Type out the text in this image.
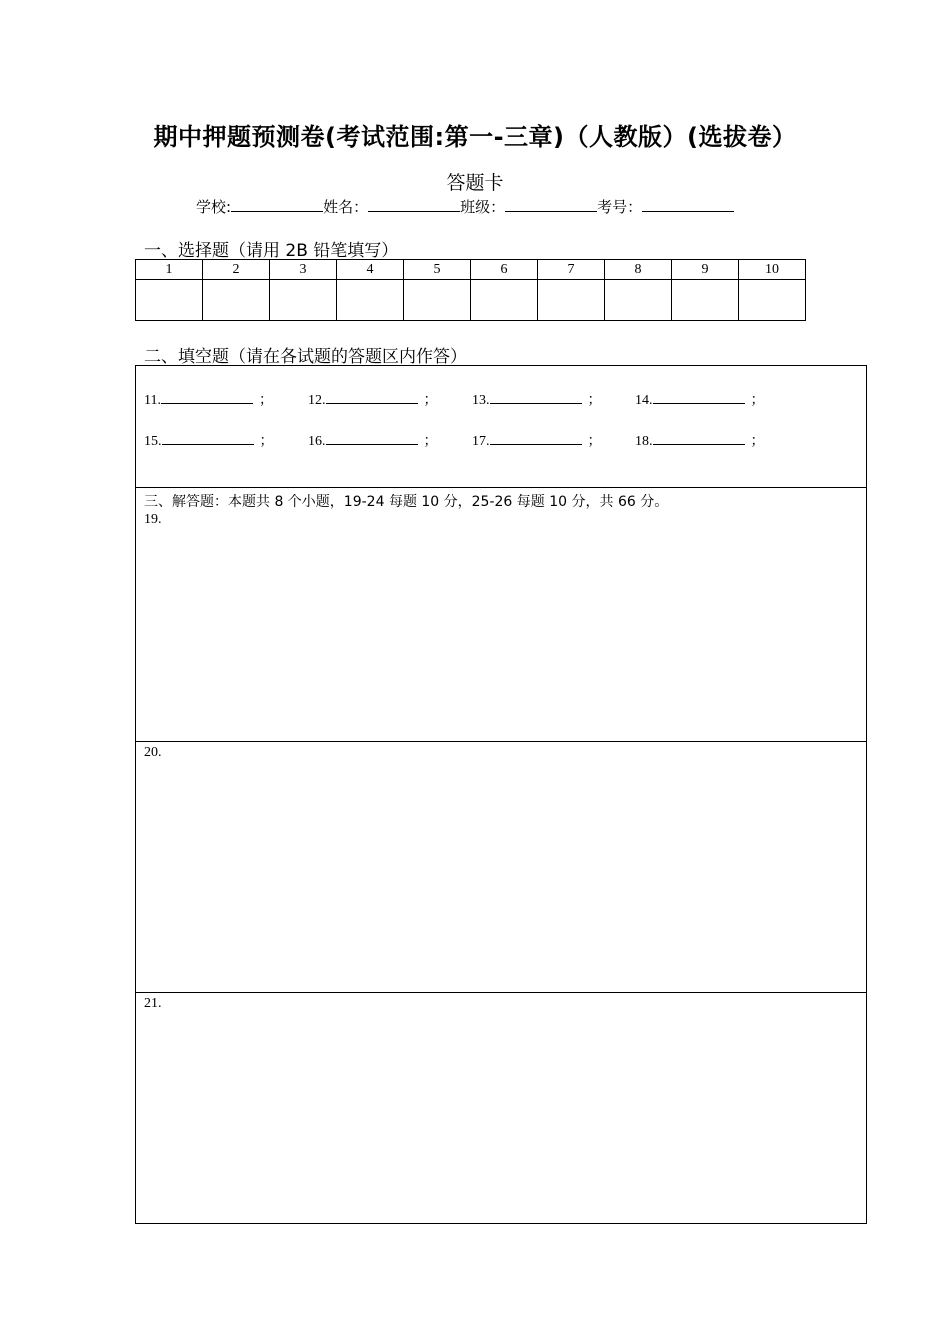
期中押题预测卷(考试范围:第一-三章)（人教版）(选拔卷）
答题卡
学校:	姓名：	班级：	考号：
一、选择题（请用 2B 铅笔填写）
1	2	3	4	5	6	7	8	9	10

二、填空题（请在各试题的答题区内作答）
11.	；	12.	； 13.	； 14.	；
15.	； 16.	； 17.	； 18.	；
三、解答题：本题共 8 个小题，19-24 每题 10 分，25-26 每题 10 分，共 66 分。
19.
20.
21.
